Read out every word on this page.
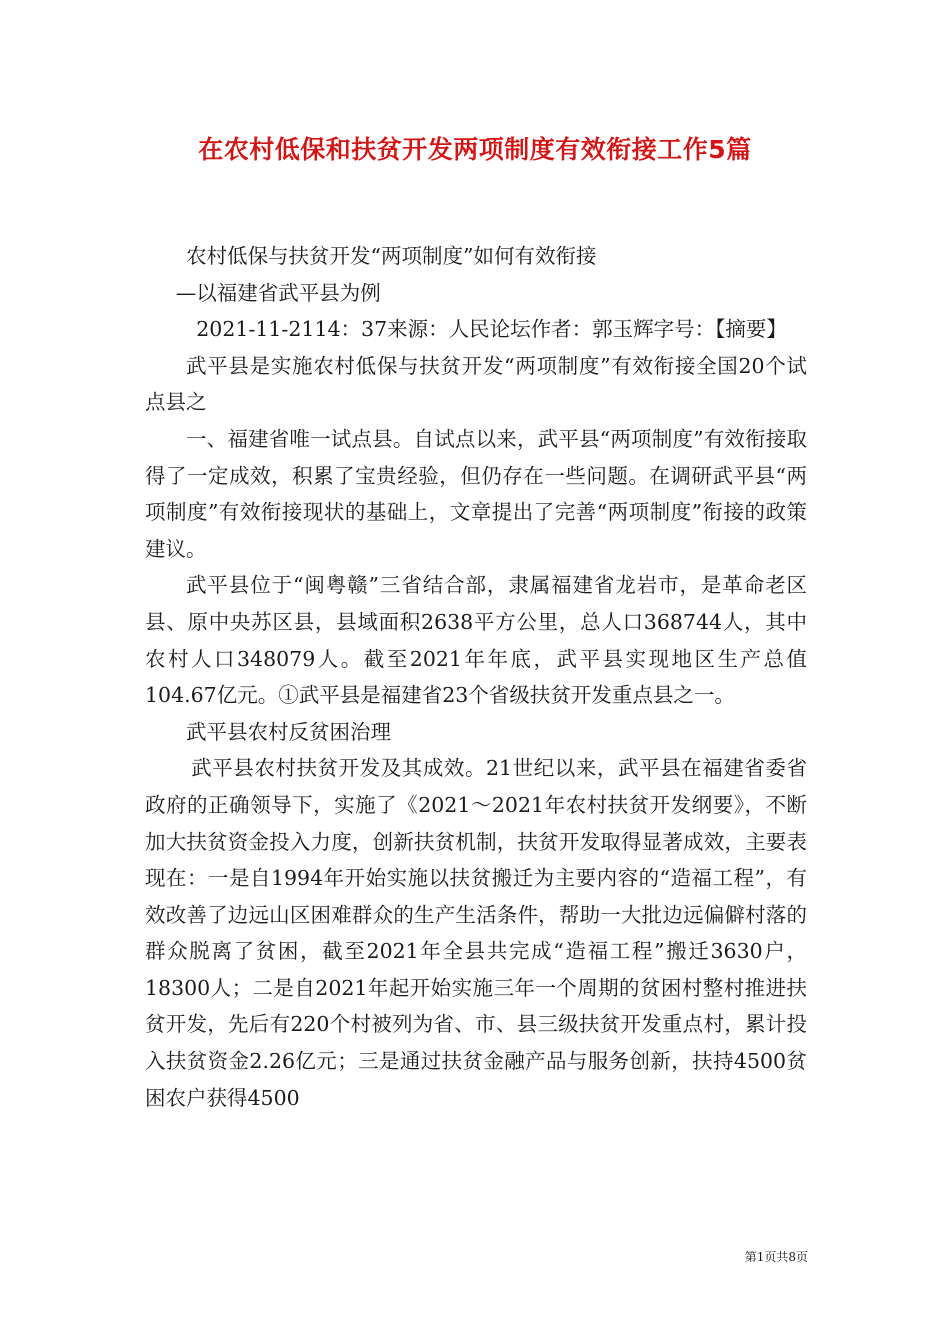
在农村低保和扶贫开发两项制度有效衔接工作5篇

农村低保与扶贫开发“两项制度”如何有效衔接

—以福建省武平县为例

2021-11-2114：37来源：人民论坛作者：郭玉辉字号：【摘要】

武平县是实施农村低保与扶贫开发“两项制度”有效衔接全国20个试点县之

一、福建省唯一试点县。自试点以来，武平县“两项制度”有效衔接取得了一定成效，积累了宝贵经验，但仍存在一些问题。在调研武平县“两项制度”有效衔接现状的基础上，文章提出了完善“两项制度”衔接的政策建议。

武平县位于“闽粤赣”三省结合部，隶属福建省龙岩市，是革命老区县、原中央苏区县，县域面积2638平方公里，总人口368744人，其中农村人口348079人。截至2021年年底，武平县实现地区生产总值104.67亿元。①武平县是福建省23个省级扶贫开发重点县之一。

武平县农村反贫困治理

武平县农村扶贫开发及其成效。21世纪以来，武平县在福建省委省政府的正确领导下，实施了《2021～2021年农村扶贫开发纲要》，不断加大扶贫资金投入力度，创新扶贫机制，扶贫开发取得显著成效，主要表现在：一是自1994年开始实施以扶贫搬迁为主要内容的“造福工程”，有效改善了边远山区困难群众的生产生活条件，帮助一大批边远偏僻村落的群众脱离了贫困，截至2021年全县共完成“造福工程”搬迁3630户，18300人；二是自2021年起开始实施三年一个周期的贫困村整村推进扶贫开发，先后有220个村被列为省、市、县三级扶贫开发重点村，累计投入扶贫资金2.26亿元；三是通过扶贫金融产品与服务创新，扶持4500贫困农户获得4500

第1页共8页
